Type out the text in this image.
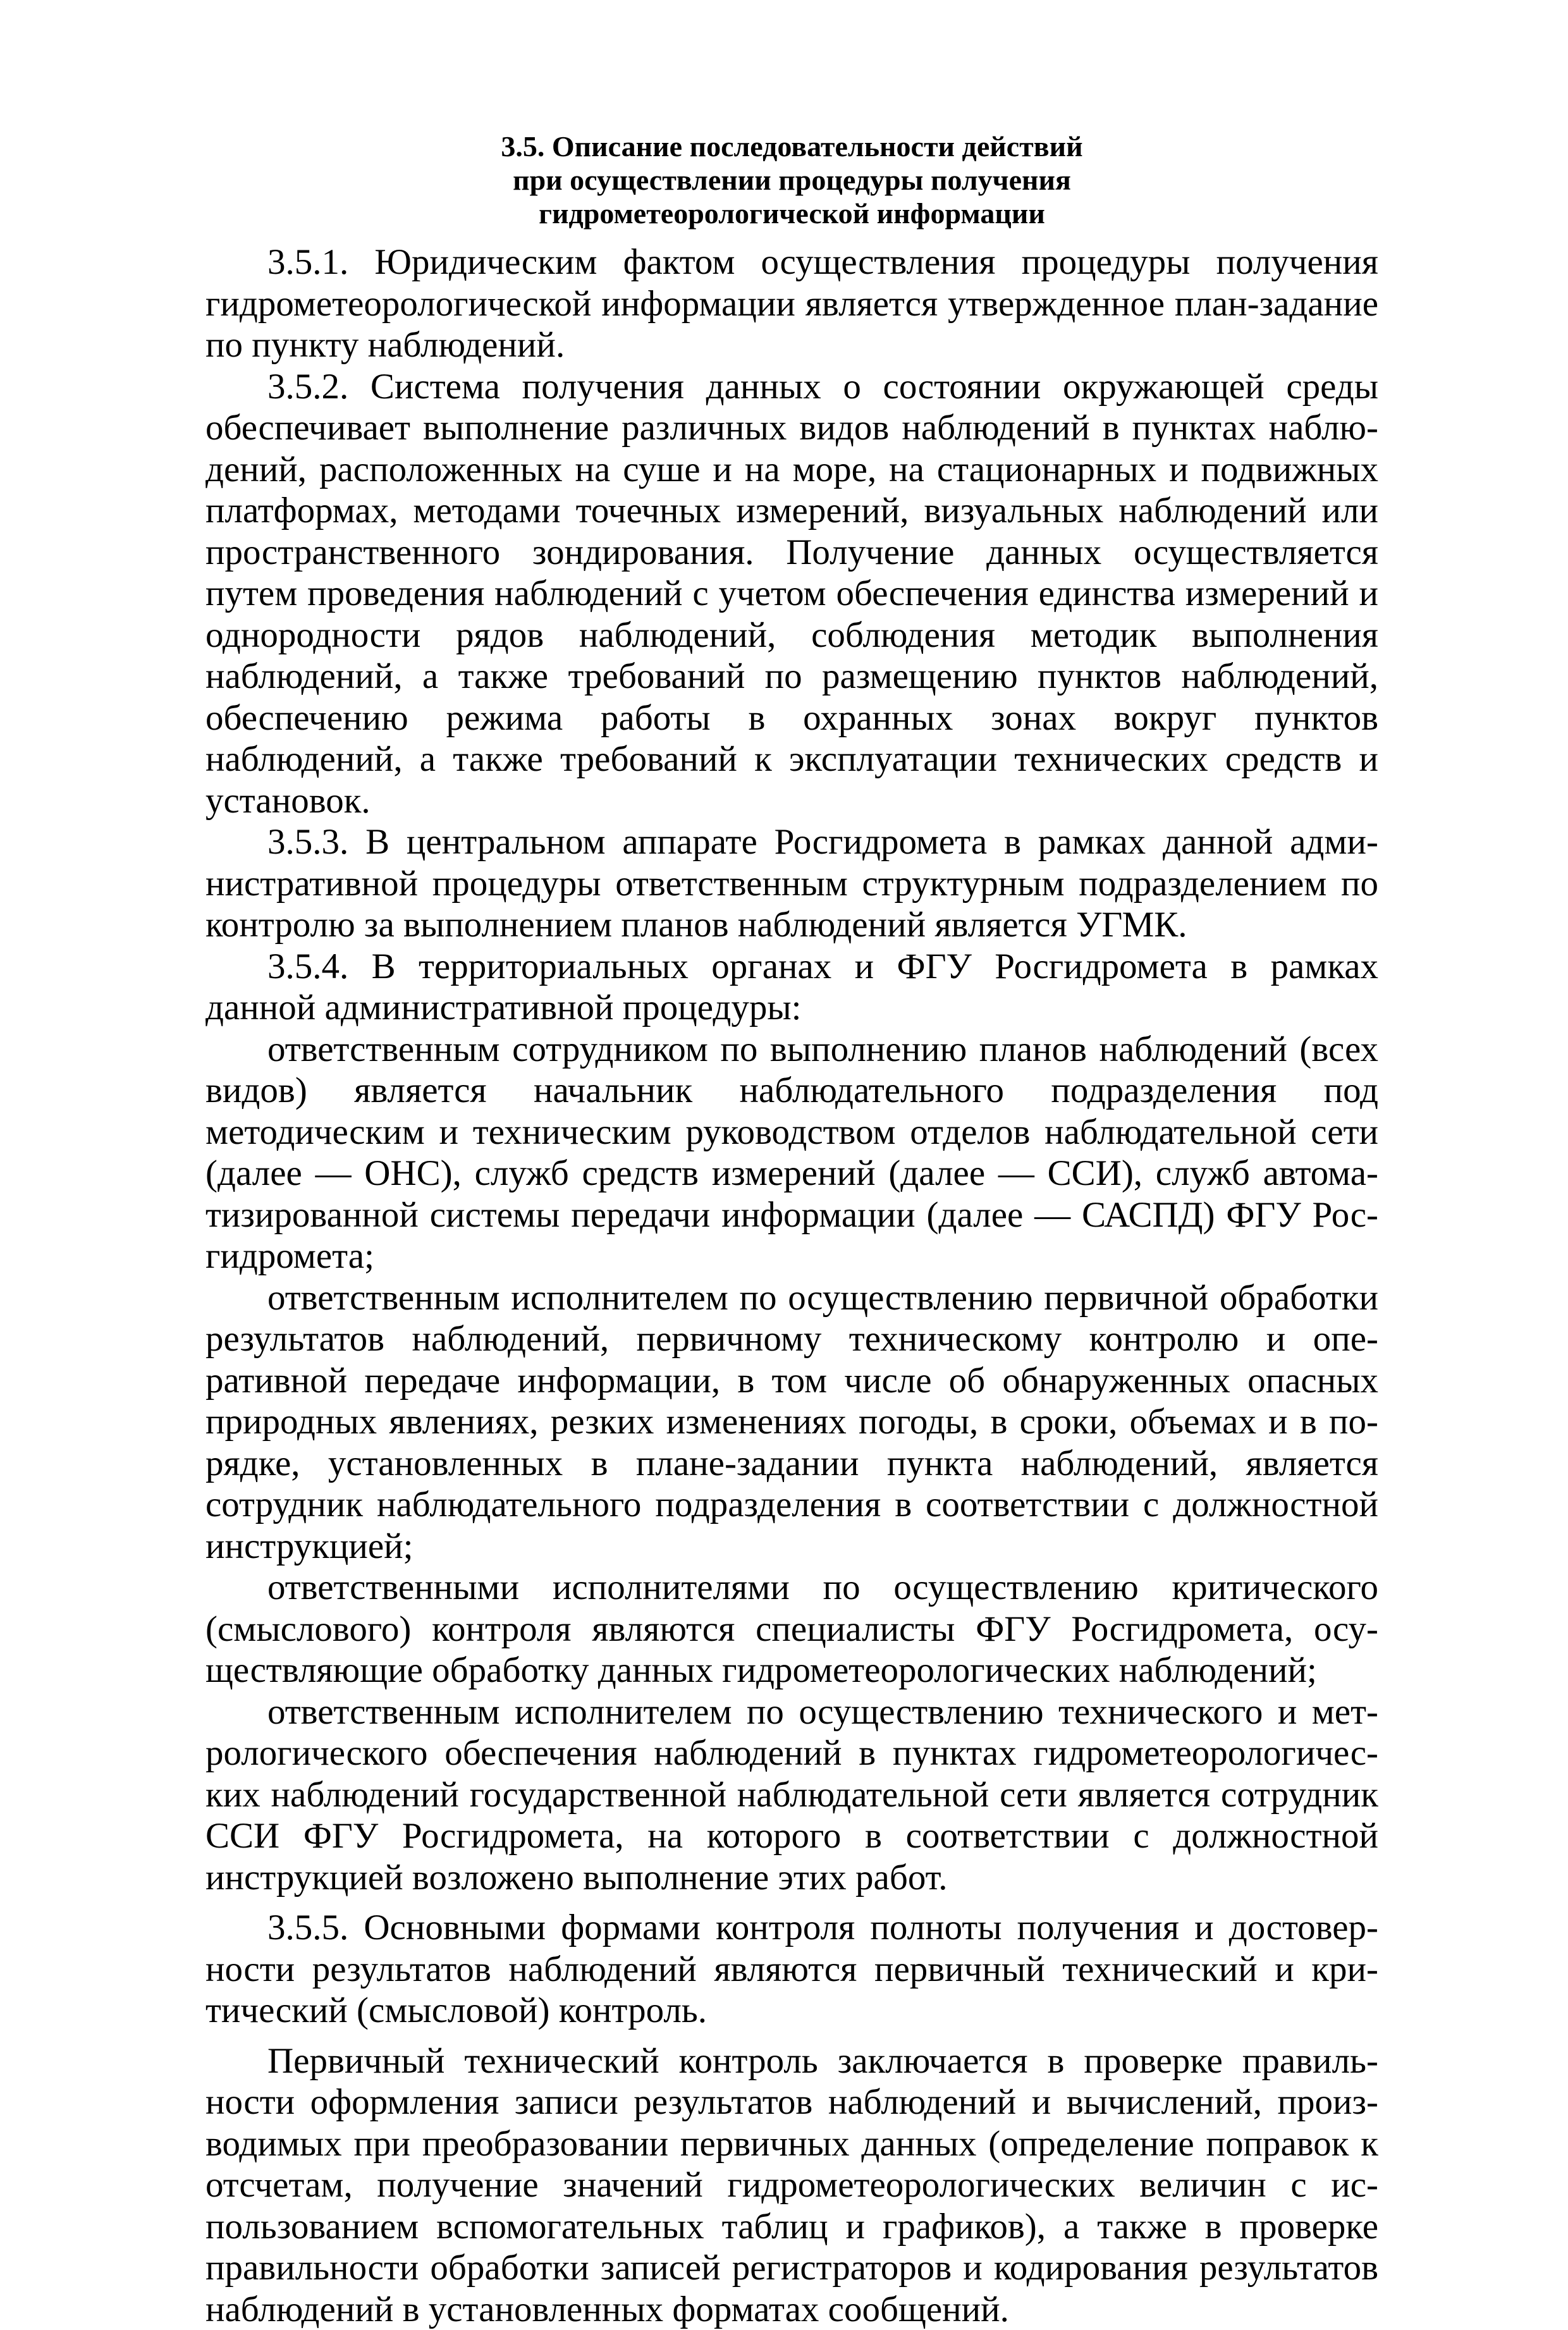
3.5. Описание последовательности действий
при осуществлении процедуры получения
гидрометеорологической информации

3.5.1. Юридическим фактом осуществления процедуры получения гидрометеорологической информации является утвержденное план-задание по пункту наблюдений.

3.5.2. Система получения данных о состоянии окружающей среды обеспечивает выполнение различных видов наблюдений в пунктах наблюдений, расположенных на суше и на море, на стационарных и подвижных платформах, методами точечных измерений, визуальных наблюдений или пространственного зондирования. Получение данных осуществляется путем проведения наблюдений с учетом обеспечения единства измерений и однородности рядов наблюдений, соблюдения методик выполнения наблюдений, а также требований по размещению пунктов наблюдений, обеспечению режима работы в охранных зонах вокруг пунктов наблюдений, а также требований к эксплуатации технических средств и установок.

3.5.3. В центральном аппарате Росгидромета в рамках данной административной процедуры ответственным структурным подразделением по контролю за выполнением планов наблюдений является УГМК.

3.5.4. В территориальных органах и ФГУ Росгидромета в рамках данной административной процедуры:

ответственным сотрудником по выполнению планов наблюдений (всех видов) является начальник наблюдательного подразделения под методическим и техническим руководством отделов наблюдательной сети (далее — ОНС), служб средств измерений (далее — ССИ), служб автоматизированной системы передачи информации (далее — САСПД) ФГУ Росгидромета;

ответственным исполнителем по осуществлению первичной обработки результатов наблюдений, первичному техническому контролю и оперативной передаче информации, в том числе об обнаруженных опасных природных явлениях, резких изменениях погоды, в сроки, объемах и в порядке, установленных в плане-задании пункта наблюдений, является сотрудник наблюдательного подразделения в соответствии с должностной инструкцией;

ответственными исполнителями по осуществлению критического (смыслового) контроля являются специалисты ФГУ Росгидромета, осуществляющие обработку данных гидрометеорологических наблюдений;

ответственным исполнителем по осуществлению технического и метрологического обеспечения наблюдений в пунктах гидрометеорологических наблюдений государственной наблюдательной сети является сотрудник ССИ ФГУ Росгидромета, на которого в соответствии с должностной инструкцией возложено выполнение этих работ.

3.5.5. Основными формами контроля полноты получения и достоверности результатов наблюдений являются первичный технический и критический (смысловой) контроль.

Первичный технический контроль заключается в проверке правильности оформления записи результатов наблюдений и вычислений, производимых при преобразовании первичных данных (определение поправок к отсчетам, получение значений гидрометеорологических величин с использованием вспомогательных таблиц и графиков), а также в проверке правильности обработки записей регистраторов и кодирования результатов наблюдений в установленных форматах сообщений.
